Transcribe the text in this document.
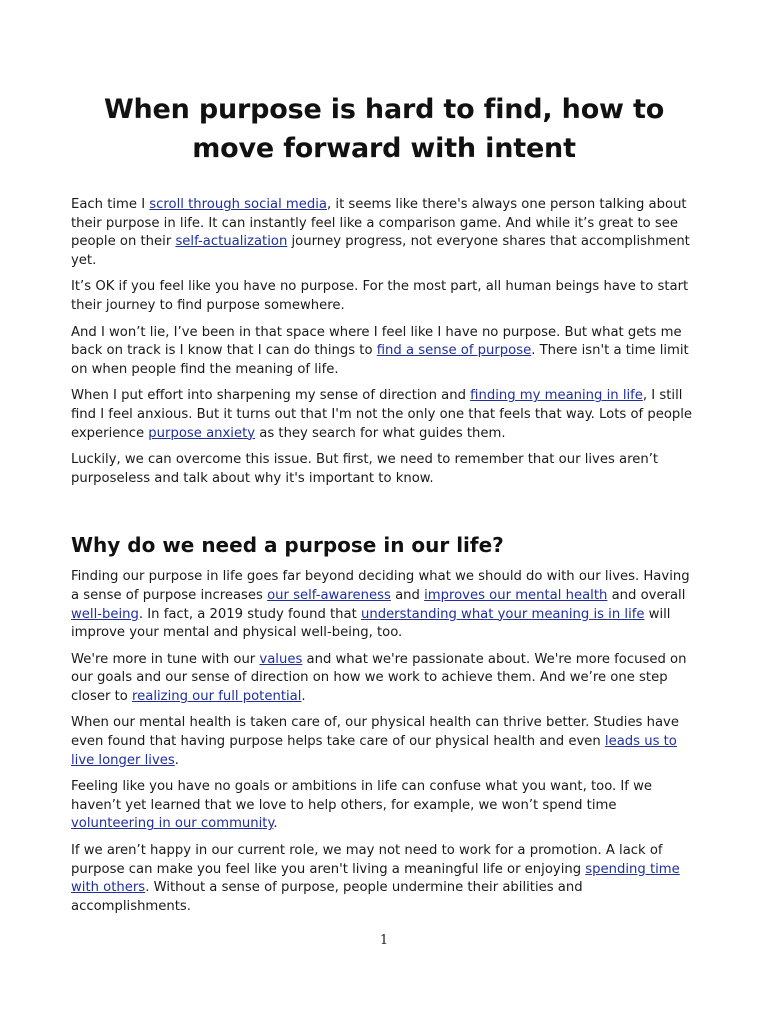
When purpose is hard to find, how to move forward with intent

Each time I scroll through social media, it seems like there's always one person talking about their purpose in life. It can instantly feel like a comparison game. And while it’s great to see people on their self-actualization journey progress, not everyone shares that accomplishment yet.

It’s OK if you feel like you have no purpose. For the most part, all human beings have to start their journey to find purpose somewhere.

And I won’t lie, I’ve been in that space where I feel like I have no purpose. But what gets me back on track is I know that I can do things to find a sense of purpose. There isn't a time limit on when people find the meaning of life.

When I put effort into sharpening my sense of direction and finding my meaning in life, I still find I feel anxious. But it turns out that I'm not the only one that feels that way. Lots of people experience purpose anxiety as they search for what guides them.

Luckily, we can overcome this issue. But first, we need to remember that our lives aren’t purposeless and talk about why it's important to know.

Why do we need a purpose in our life?

Finding our purpose in life goes far beyond deciding what we should do with our lives. Having a sense of purpose increases our self-awareness and improves our mental health and overall well-being. In fact, a 2019 study found that understanding what your meaning is in life will improve your mental and physical well-being, too.

We're more in tune with our values and what we're passionate about. We're more focused on our goals and our sense of direction on how we work to achieve them. And we’re one step closer to realizing our full potential.

When our mental health is taken care of, our physical health can thrive better. Studies have even found that having purpose helps take care of our physical health and even leads us to live longer lives.

Feeling like you have no goals or ambitions in life can confuse what you want, too. If we haven’t yet learned that we love to help others, for example, we won’t spend time volunteering in our community.

If we aren’t happy in our current role, we may not need to work for a promotion. A lack of purpose can make you feel like you aren't living a meaningful life or enjoying spending time with others. Without a sense of purpose, people undermine their abilities and accomplishments.

1
